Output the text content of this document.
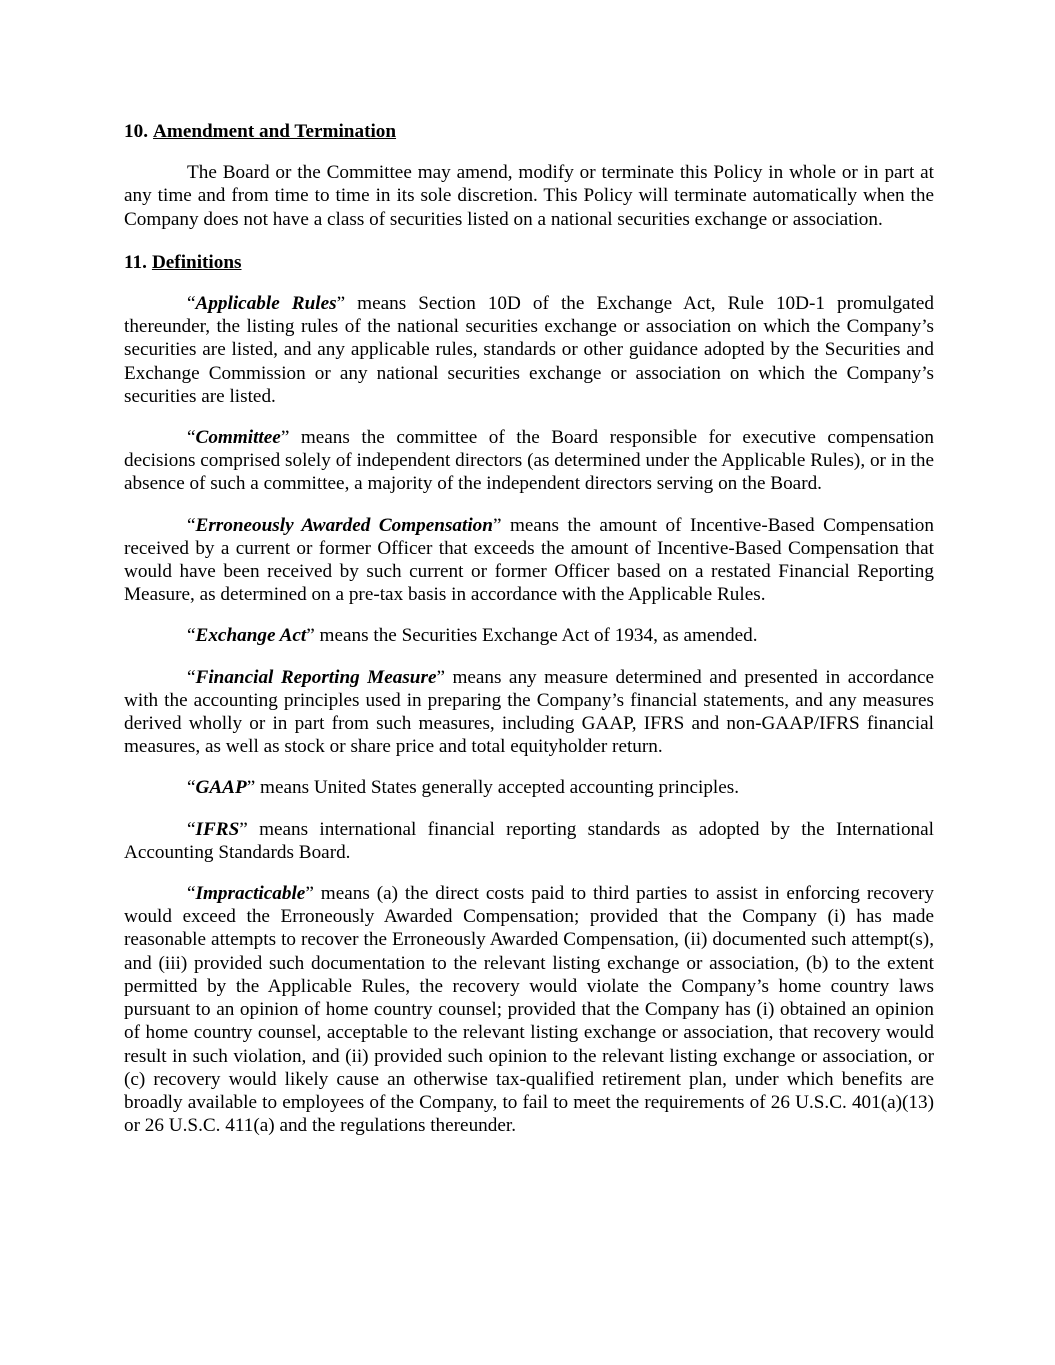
10. Amendment and Termination

The Board or the Committee may amend, modify or terminate this Policy in whole or in part at any time and from time to time in its sole discretion. This Policy will terminate automatically when the Company does not have a class of securities listed on a national securities exchange or association.

11. Definitions

“Applicable Rules” means Section 10D of the Exchange Act, Rule 10D-1 promulgated thereunder, the listing rules of the national securities exchange or association on which the Company’s securities are listed, and any applicable rules, standards or other guidance adopted by the Securities and Exchange Commission or any national securities exchange or association on which the Company’s securities are listed.

“Committee” means the committee of the Board responsible for executive compensation decisions comprised solely of independent directors (as determined under the Applicable Rules), or in the absence of such a committee, a majority of the independent directors serving on the Board.

“Erroneously Awarded Compensation” means the amount of Incentive-Based Compensation received by a current or former Officer that exceeds the amount of Incentive-Based Compensation that would have been received by such current or former Officer based on a restated Financial Reporting Measure, as determined on a pre-tax basis in accordance with the Applicable Rules.

“Exchange Act” means the Securities Exchange Act of 1934, as amended.

“Financial Reporting Measure” means any measure determined and presented in accordance with the accounting principles used in preparing the Company’s financial statements, and any measures derived wholly or in part from such measures, including GAAP, IFRS and non-GAAP/IFRS financial measures, as well as stock or share price and total equityholder return.

“GAAP” means United States generally accepted accounting principles.

“IFRS” means international financial reporting standards as adopted by the International Accounting Standards Board.

“Impracticable” means (a) the direct costs paid to third parties to assist in enforcing recovery would exceed the Erroneously Awarded Compensation; provided that the Company (i) has made reasonable attempts to recover the Erroneously Awarded Compensation, (ii) documented such attempt(s), and (iii) provided such documentation to the relevant listing exchange or association, (b) to the extent permitted by the Applicable Rules, the recovery would violate the Company’s home country laws pursuant to an opinion of home country counsel; provided that the Company has (i) obtained an opinion of home country counsel, acceptable to the relevant listing exchange or association, that recovery would result in such violation, and (ii) provided such opinion to the relevant listing exchange or association, or (c) recovery would likely cause an otherwise tax-qualified retirement plan, under which benefits are broadly available to employees of the Company, to fail to meet the requirements of 26 U.S.C. 401(a)(13) or 26 U.S.C. 411(a) and the regulations thereunder.
